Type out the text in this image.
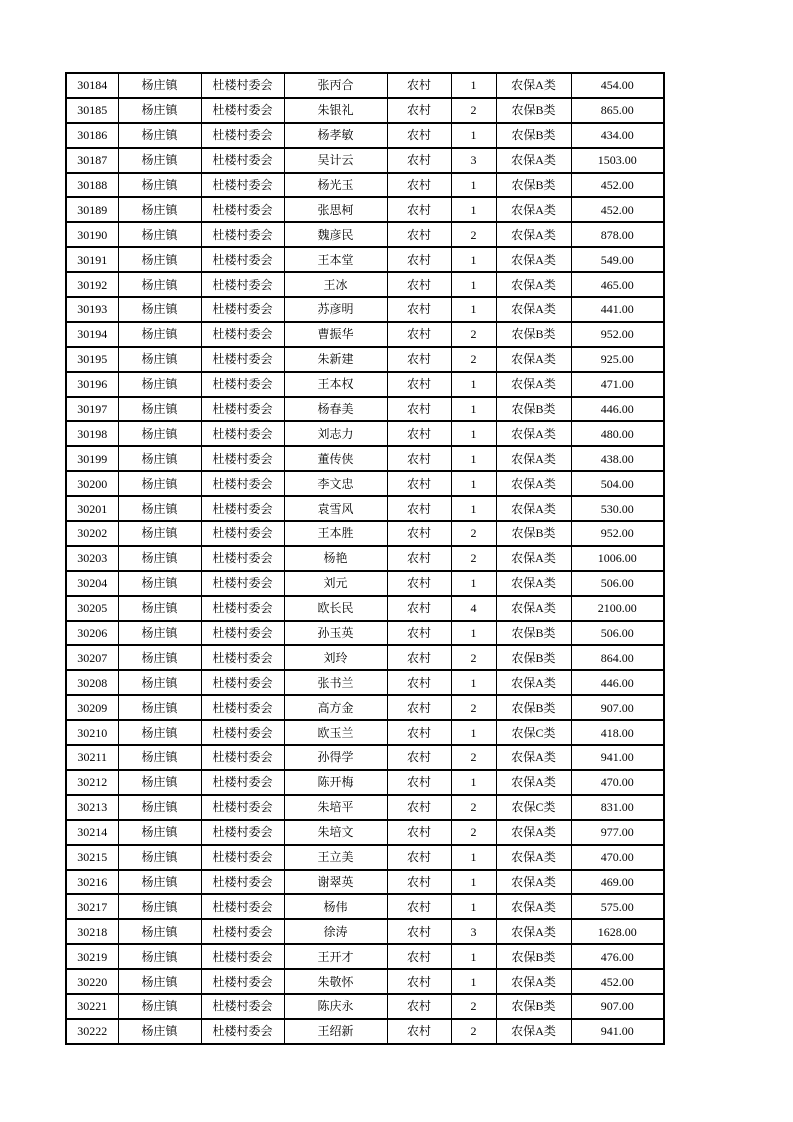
30184	杨庄镇	杜楼村委会	张丙合	农村	1	农保A类	454.00
30185	杨庄镇	杜楼村委会	朱银礼	农村	2	农保B类	865.00
30186	杨庄镇	杜楼村委会	杨孝敏	农村	1	农保B类	434.00
30187	杨庄镇	杜楼村委会	吴计云	农村	3	农保A类	1503.00
30188	杨庄镇	杜楼村委会	杨光玉	农村	1	农保B类	452.00
30189	杨庄镇	杜楼村委会	张思柯	农村	1	农保A类	452.00
30190	杨庄镇	杜楼村委会	魏彦民	农村	2	农保A类	878.00
30191	杨庄镇	杜楼村委会	王本堂	农村	1	农保A类	549.00
30192	杨庄镇	杜楼村委会	王冰	农村	1	农保A类	465.00
30193	杨庄镇	杜楼村委会	苏彦明	农村	1	农保A类	441.00
30194	杨庄镇	杜楼村委会	曹振华	农村	2	农保B类	952.00
30195	杨庄镇	杜楼村委会	朱新建	农村	2	农保A类	925.00
30196	杨庄镇	杜楼村委会	王本权	农村	1	农保A类	471.00
30197	杨庄镇	杜楼村委会	杨春美	农村	1	农保B类	446.00
30198	杨庄镇	杜楼村委会	刘志力	农村	1	农保A类	480.00
30199	杨庄镇	杜楼村委会	董传侠	农村	1	农保A类	438.00
30200	杨庄镇	杜楼村委会	李文忠	农村	1	农保A类	504.00
30201	杨庄镇	杜楼村委会	袁雪风	农村	1	农保A类	530.00
30202	杨庄镇	杜楼村委会	王本胜	农村	2	农保B类	952.00
30203	杨庄镇	杜楼村委会	杨艳	农村	2	农保A类	1006.00
30204	杨庄镇	杜楼村委会	刘元	农村	1	农保A类	506.00
30205	杨庄镇	杜楼村委会	欧长民	农村	4	农保A类	2100.00
30206	杨庄镇	杜楼村委会	孙玉英	农村	1	农保B类	506.00
30207	杨庄镇	杜楼村委会	刘玲	农村	2	农保B类	864.00
30208	杨庄镇	杜楼村委会	张书兰	农村	1	农保A类	446.00
30209	杨庄镇	杜楼村委会	高方金	农村	2	农保B类	907.00
30210	杨庄镇	杜楼村委会	欧玉兰	农村	1	农保C类	418.00
30211	杨庄镇	杜楼村委会	孙得学	农村	2	农保A类	941.00
30212	杨庄镇	杜楼村委会	陈开梅	农村	1	农保A类	470.00
30213	杨庄镇	杜楼村委会	朱培平	农村	2	农保C类	831.00
30214	杨庄镇	杜楼村委会	朱培文	农村	2	农保A类	977.00
30215	杨庄镇	杜楼村委会	王立美	农村	1	农保A类	470.00
30216	杨庄镇	杜楼村委会	谢翠英	农村	1	农保A类	469.00
30217	杨庄镇	杜楼村委会	杨伟	农村	1	农保A类	575.00
30218	杨庄镇	杜楼村委会	徐涛	农村	3	农保A类	1628.00
30219	杨庄镇	杜楼村委会	王开才	农村	1	农保B类	476.00
30220	杨庄镇	杜楼村委会	朱敬怀	农村	1	农保A类	452.00
30221	杨庄镇	杜楼村委会	陈庆永	农村	2	农保B类	907.00
30222	杨庄镇	杜楼村委会	王绍新	农村	2	农保A类	941.00
